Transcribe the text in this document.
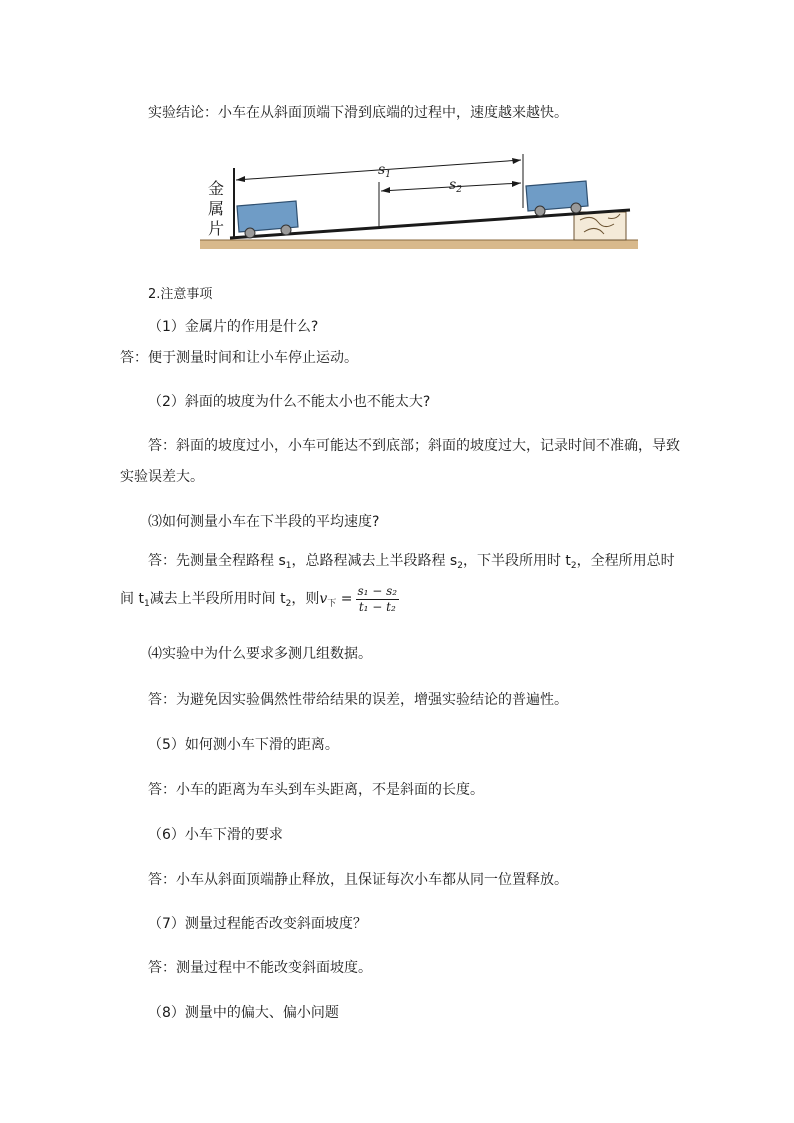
实验结论：小车在从斜面顶端下滑到底端的过程中，速度越来越快。
$s_1$
$s_2$
金
属
片
2.注意事项
（1）金属片的作用是什么?
答：便于测量时间和让小车停止运动。
（2）斜面的坡度为什么不能太小也不能太大?
答：斜面的坡度过小，小车可能达不到底部；斜面的坡度过大，记录时间不准确，导致
实验误差大。
⑶如何测量小车在下半段的平均速度?
答：先测量全程路程 $s_1$，总路程减去上半段路程 $s_2$，下半段所用时 $t_2$，全程所用总时
间 $t_1$减去上半段所用时间 $t_2$，则$v_下 = \frac{\text{s₁ − s₂}}{\text{t₁ − t₂}}$
⑷实验中为什么要求多测几组数据。
答：为避免因实验偶然性带给结果的误差，增强实验结论的普遍性。
（5）如何测小车下滑的距离。
答：小车的距离为车头到车头距离，不是斜面的长度。
（6）小车下滑的要求
答：小车从斜面顶端静止释放，且保证每次小车都从同一位置释放。
（7）测量过程能否改变斜面坡度？
答：测量过程中不能改变斜面坡度。
（8）测量中的偏大、偏小问题
